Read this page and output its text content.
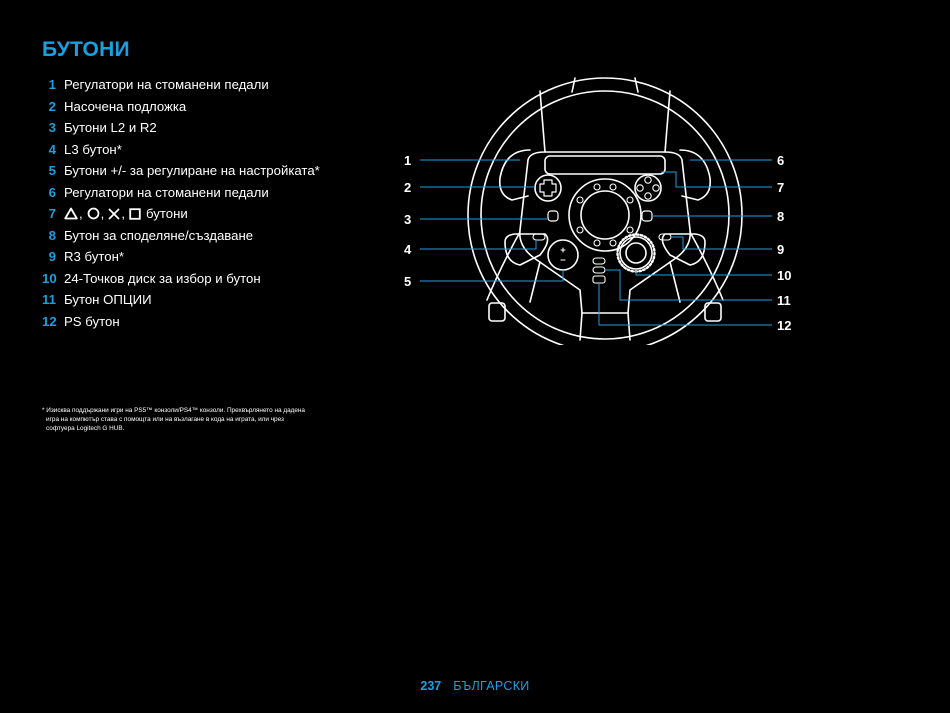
БУТОНИ
1 Регулатори на стоманени педали
2 Насочена подложка
3 Бутони L2 и R2
4 L3 бутон*
5 Бутони +/- за регулиране на настройката*
6 Регулатори на стоманени педали
7 , , , бутони
8 Бутон за споделяне/създаване
9 R3 бутон*
10 24-Точков диск за избор и бутон
11 Бутон ОПЦИИ
12 PS бутон
* Изисква поддържани игри на PS5™ конзоли/PS4™ конзоли. Прехвърлянето на дадена
игра на компютър става с помощта или на възлагане в кода на играта, или чрез
софтуера Logitech G HUB.
1
2
3
4
5
6
7
8
9
10
11
12
237 БЪЛГАРСКИ
